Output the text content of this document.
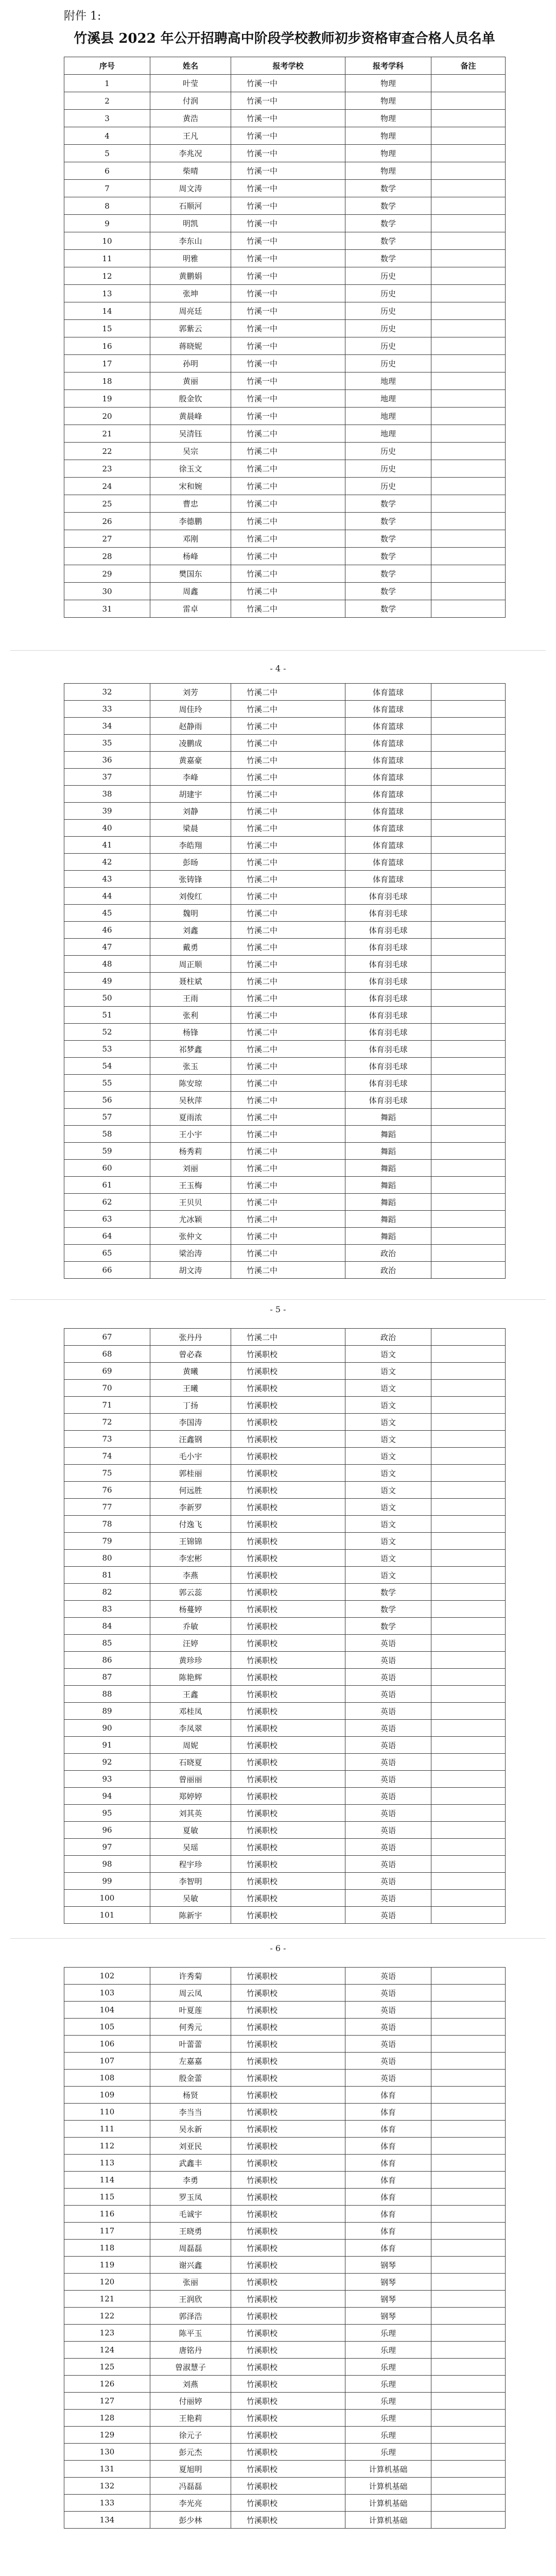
附件 1:
竹溪县 2022 年公开招聘高中阶段学校教师初步资格审查合格人员名单
序号	姓名	报考学校	报考学科	备注
1	叶莹	竹溪一中	物理	
2	付润	竹溪一中	物理	
3	黄浩	竹溪一中	物理	
4	王凡	竹溪一中	物理	
5	李兆况	竹溪一中	物理	
6	柴晴	竹溪一中	物理	
7	周文涛	竹溪一中	数学	
8	石顺河	竹溪一中	数学	
9	明凯	竹溪一中	数学	
10	李东山	竹溪一中	数学	
11	明雅	竹溪一中	数学	
12	黄鹏娟	竹溪一中	历史	
13	张坤	竹溪一中	历史	
14	周亮廷	竹溪一中	历史	
15	郭紫云	竹溪一中	历史	
16	蒋晓妮	竹溪一中	历史	
17	孙明	竹溪一中	历史	
18	黄丽	竹溪一中	地理	
19	殷金钦	竹溪一中	地理	
20	黄晨峰	竹溪一中	地理	
21	吴清钰	竹溪二中	地理	
22	吴宗	竹溪二中	历史	
23	徐玉文	竹溪二中	历史	
24	宋和婉	竹溪二中	历史	
25	曹忠	竹溪二中	数学	
26	李德鹏	竹溪二中	数学	
27	邓刚	竹溪二中	数学	
28	杨峰	竹溪二中	数学	
29	樊国东	竹溪二中	数学	
30	周鑫	竹溪二中	数学	
31	雷卓	竹溪二中	数学	
- 4 -
32	刘芳	竹溪二中	体育篮球	
33	周佳玲	竹溪二中	体育篮球	
34	赵静雨	竹溪二中	体育篮球	
35	凌鹏成	竹溪二中	体育篮球	
36	黄嘉豪	竹溪二中	体育篮球	
37	李峰	竹溪二中	体育篮球	
38	胡建宇	竹溪二中	体育篮球	
39	刘静	竹溪二中	体育篮球	
40	梁晨	竹溪二中	体育篮球	
41	李皓翔	竹溪二中	体育篮球	
42	彭旸	竹溪二中	体育篮球	
43	张铸锋	竹溪二中	体育篮球	
44	刘俊红	竹溪二中	体育羽毛球	
45	魏明	竹溪二中	体育羽毛球	
46	刘鑫	竹溪二中	体育羽毛球	
47	戴勇	竹溪二中	体育羽毛球	
48	周正顺	竹溪二中	体育羽毛球	
49	聂柱斌	竹溪二中	体育羽毛球	
50	王雨	竹溪二中	体育羽毛球	
51	张利	竹溪二中	体育羽毛球	
52	杨锋	竹溪二中	体育羽毛球	
53	祁梦鑫	竹溪二中	体育羽毛球	
54	张玉	竹溪二中	体育羽毛球	
55	陈安琼	竹溪二中	体育羽毛球	
56	吴秋萍	竹溪二中	体育羽毛球	
57	夏雨浓	竹溪二中	舞蹈	
58	王小宇	竹溪二中	舞蹈	
59	杨秀莉	竹溪二中	舞蹈	
60	刘丽	竹溪二中	舞蹈	
61	王玉梅	竹溪二中	舞蹈	
62	王贝贝	竹溪二中	舞蹈	
63	尤冰颖	竹溪二中	舞蹈	
64	张仲文	竹溪二中	舞蹈	
65	梁治涛	竹溪二中	政治	
66	胡文涛	竹溪二中	政治	
- 5 -
67	张丹丹	竹溪二中	政治	
68	曾必森	竹溪职校	语文	
69	黄曦	竹溪职校	语文	
70	王曦	竹溪职校	语文	
71	丁扬	竹溪职校	语文	
72	李国涛	竹溪职校	语文	
73	汪鑫钢	竹溪职校	语文	
74	毛小宇	竹溪职校	语文	
75	郭桂丽	竹溪职校	语文	
76	何远胜	竹溪职校	语文	
77	李新罗	竹溪职校	语文	
78	付逸飞	竹溪职校	语文	
79	王锦锦	竹溪职校	语文	
80	李宏彬	竹溪职校	语文	
81	李燕	竹溪职校	语文	
82	郭云蕊	竹溪职校	数学	
83	杨蔓婷	竹溪职校	数学	
84	乔敏	竹溪职校	数学	
85	汪婷	竹溪职校	英语	
86	黄珍珍	竹溪职校	英语	
87	陈艳辉	竹溪职校	英语	
88	王鑫	竹溪职校	英语	
89	邓桂凤	竹溪职校	英语	
90	李凤翠	竹溪职校	英语	
91	周妮	竹溪职校	英语	
92	石晓夏	竹溪职校	英语	
93	曾丽丽	竹溪职校	英语	
94	郑婷婷	竹溪职校	英语	
95	刘其英	竹溪职校	英语	
96	夏敏	竹溪职校	英语	
97	吴瑶	竹溪职校	英语	
98	程宇珍	竹溪职校	英语	
99	李智明	竹溪职校	英语	
100	吴敏	竹溪职校	英语	
101	陈新宇	竹溪职校	英语	
- 6 -
102	许秀菊	竹溪职校	英语	
103	周云凤	竹溪职校	英语	
104	叶夏莲	竹溪职校	英语	
105	何秀元	竹溪职校	英语	
106	叶蕾蕾	竹溪职校	英语	
107	左嘉嘉	竹溪职校	英语	
108	殷金蕾	竹溪职校	英语	
109	杨贤	竹溪职校	体育	
110	李当当	竹溪职校	体育	
111	吴永新	竹溪职校	体育	
112	刘亚民	竹溪职校	体育	
113	武鑫丰	竹溪职校	体育	
114	李勇	竹溪职校	体育	
115	罗玉凤	竹溪职校	体育	
116	毛诚宇	竹溪职校	体育	
117	王晓勇	竹溪职校	体育	
118	周磊磊	竹溪职校	体育	
119	谢兴鑫	竹溪职校	钢琴	
120	张丽	竹溪职校	钢琴	
121	王润欣	竹溪职校	钢琴	
122	郭泽浩	竹溪职校	钢琴	
123	陈平玉	竹溪职校	乐理	
124	唐铭丹	竹溪职校	乐理	
125	曾淑慧子	竹溪职校	乐理	
126	刘燕	竹溪职校	乐理	
127	付丽婷	竹溪职校	乐理	
128	王艳莉	竹溪职校	乐理	
129	徐元子	竹溪职校	乐理	
130	彭元杰	竹溪职校	乐理	
131	夏旭明	竹溪职校	计算机基础	
132	冯磊磊	竹溪职校	计算机基础	
133	李光亮	竹溪职校	计算机基础	
134	彭少林	竹溪职校	计算机基础	
